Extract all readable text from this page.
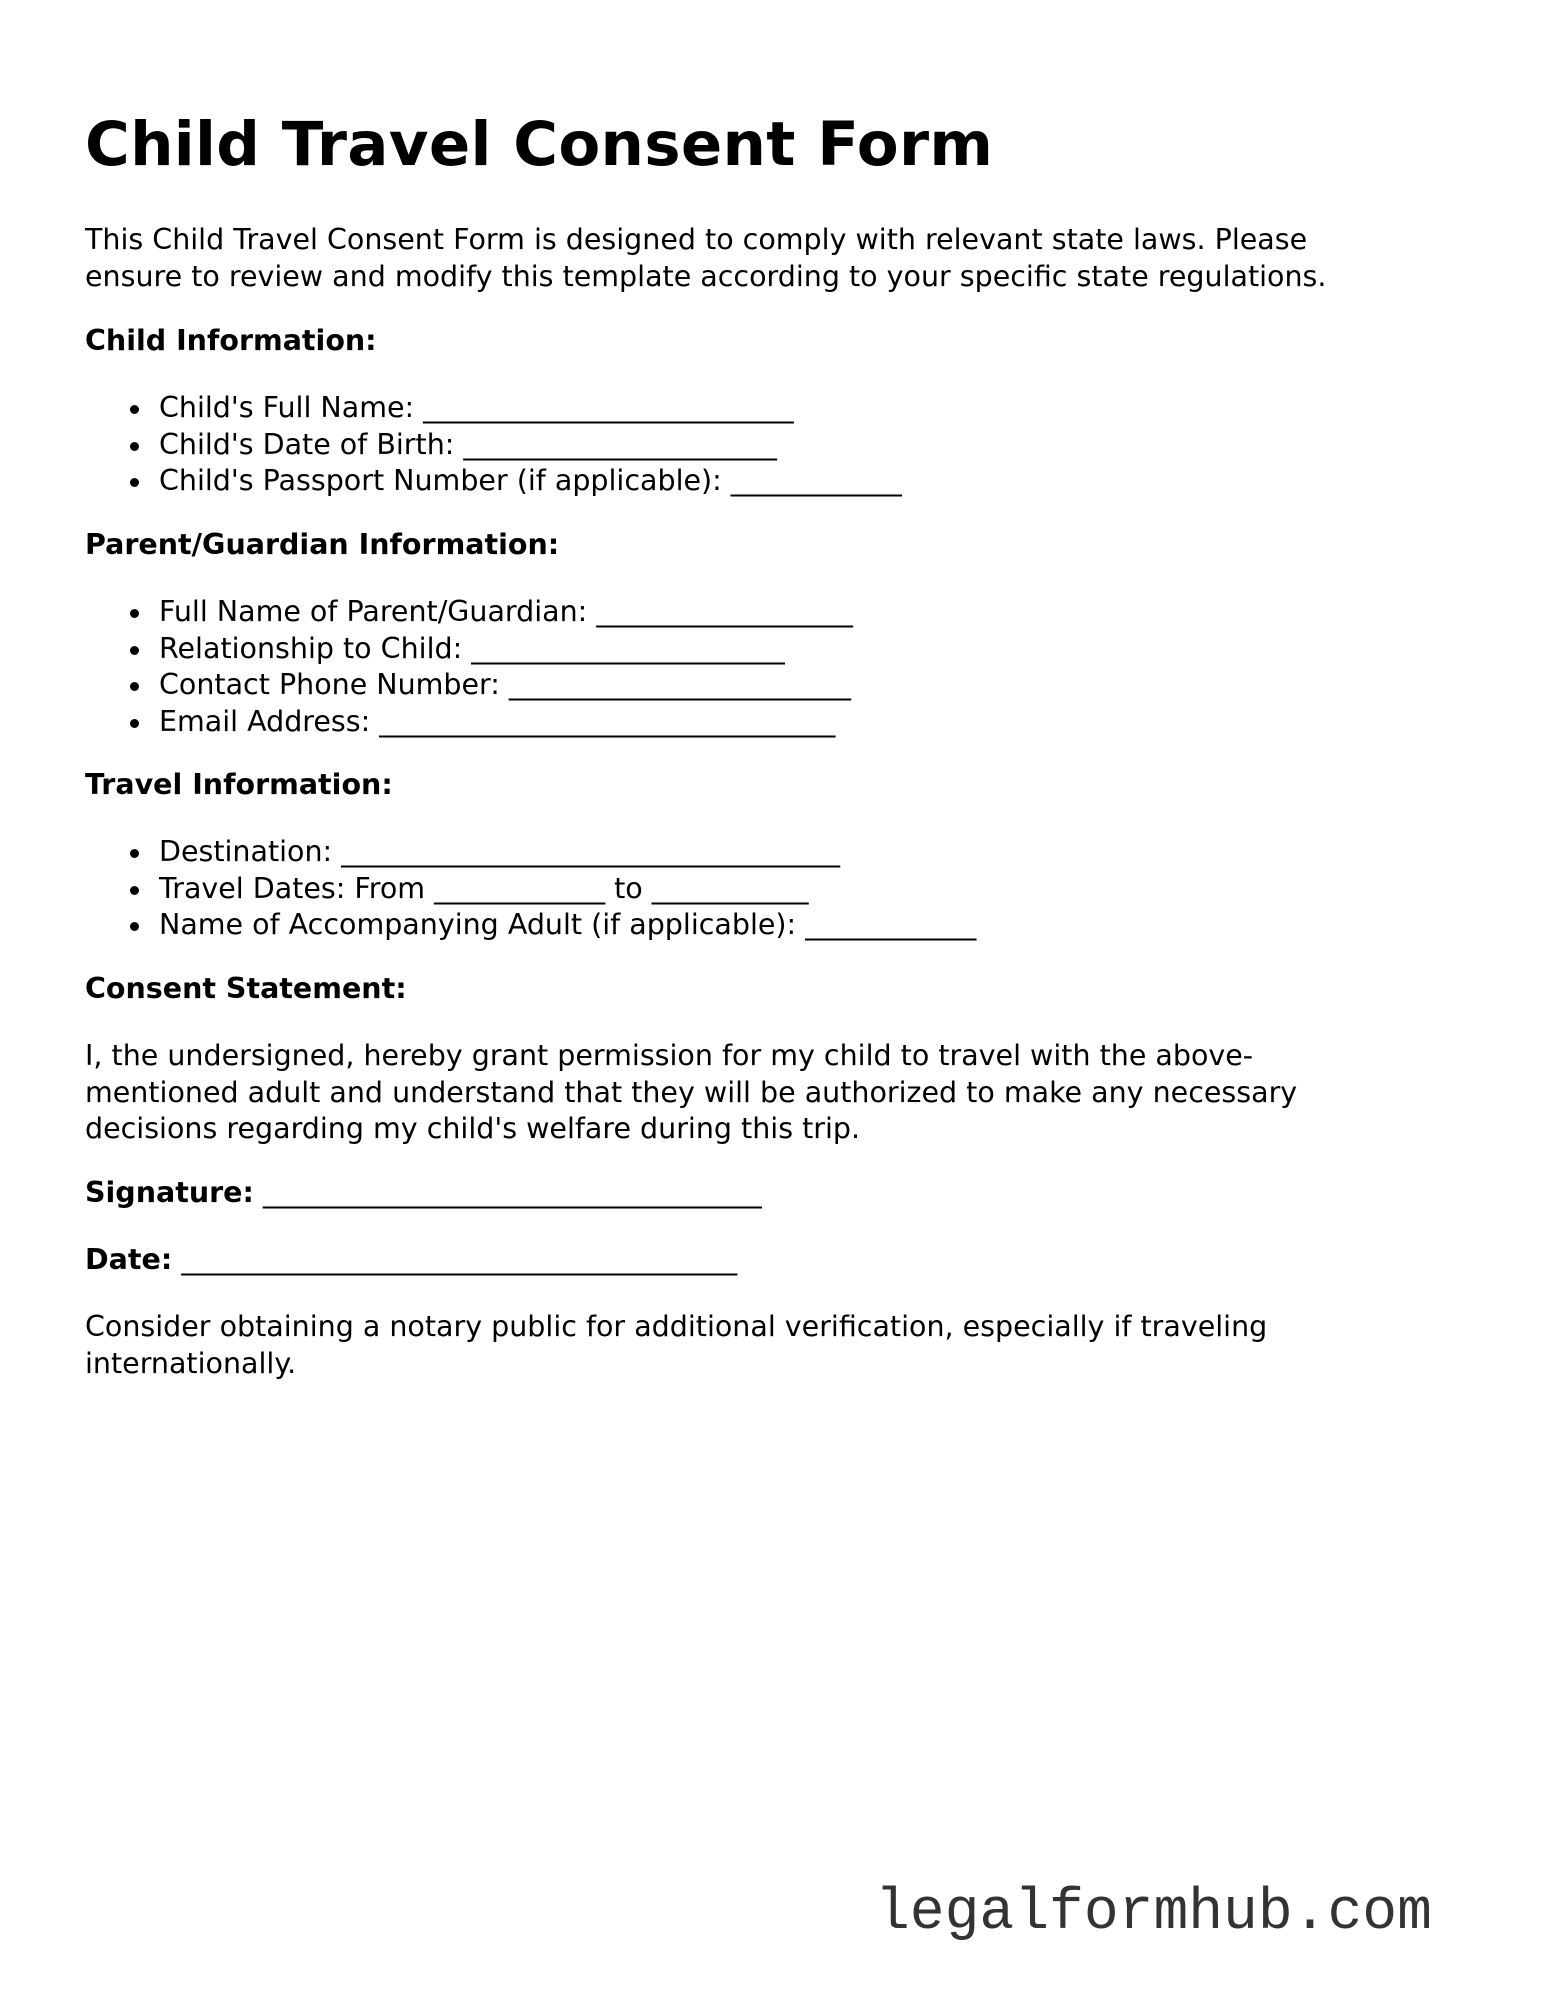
Child Travel Consent Form
This Child Travel Consent Form is designed to comply with relevant state laws. Please
ensure to review and modify this template according to your specific state regulations.
Child Information:
Child's Full Name: __________________________
Child's Date of Birth: ______________________
Child's Passport Number (if applicable): ____________
Parent/Guardian Information:
Full Name of Parent/Guardian: __________________
Relationship to Child: ______________________
Contact Phone Number: ________________________
Email Address: ________________________________
Travel Information:
Destination: ___________________________________
Travel Dates: From ____________ to ___________
Name of Accompanying Adult (if applicable): ____________
Consent Statement:
I, the undersigned, hereby grant permission for my child to travel with the above-
mentioned adult and understand that they will be authorized to make any necessary
decisions regarding my child's welfare during this trip.
Signature: ___________________________________
Date: _______________________________________
Consider obtaining a notary public for additional verification, especially if traveling
internationally.
legalformhub.com
